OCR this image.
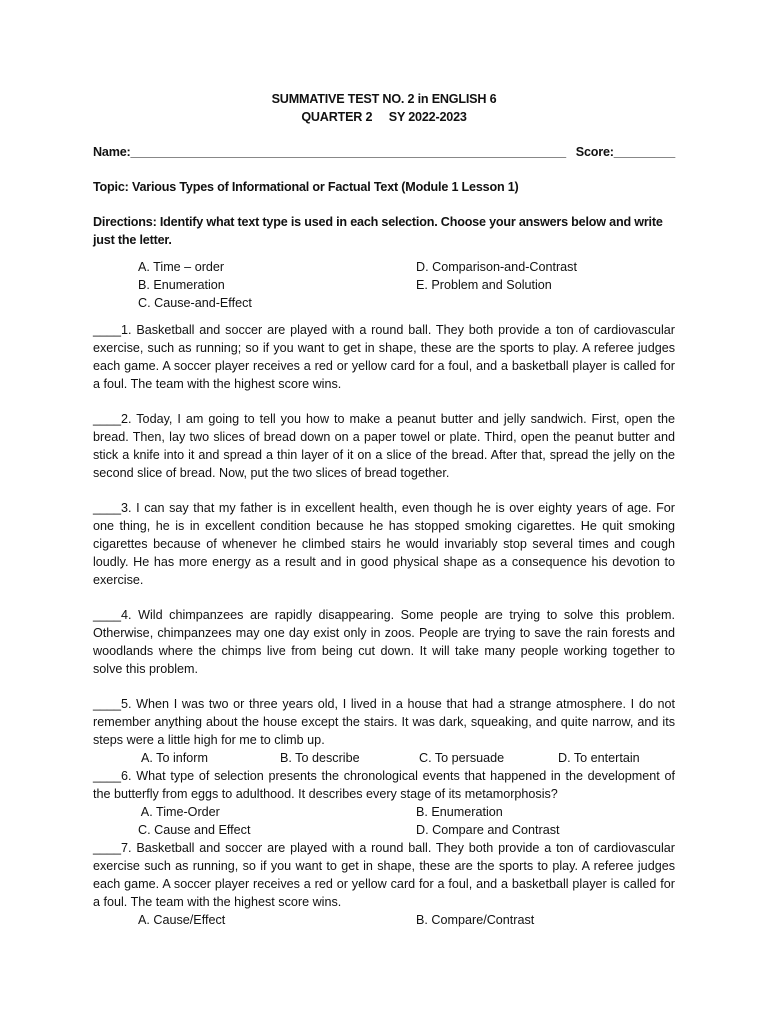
SUMMATIVE TEST NO. 2 in ENGLISH 6
QUARTER 2     SY 2022-2023
Name:________________________________________________________________ Score:_________
Topic: Various Types of Informational or Factual Text (Module 1 Lesson 1)
Directions: Identify what text type is used in each selection. Choose your answers below and write just the letter.
A. Time – order	D. Comparison-and-Contrast
B. Enumeration	E. Problem and Solution
C. Cause-and-Effect
____1. Basketball and soccer are played with a round ball. They both provide a ton of cardiovascular exercise, such as running; so if you want to get in shape, these are the sports to play. A referee judges each game. A soccer player receives a red or yellow card for a foul, and a basketball player is called for a foul. The team with the highest score wins.
____2. Today, I am going to tell you how to make a peanut butter and jelly sandwich. First, open the bread. Then, lay two slices of bread down on a paper towel or plate. Third, open the peanut butter and stick a knife into it and spread a thin layer of it on a slice of the bread. After that, spread the jelly on the second slice of bread. Now, put the two slices of bread together.
____3. I can say that my father is in excellent health, even though he is over eighty years of age. For one thing, he is in excellent condition because he has stopped smoking cigarettes. He quit smoking cigarettes because of whenever he climbed stairs he would invariably stop several times and cough loudly. He has more energy as a result and in good physical shape as a consequence his devotion to exercise.
____4. Wild chimpanzees are rapidly disappearing. Some people are trying to solve this problem. Otherwise, chimpanzees may one day exist only in zoos. People are trying to save the rain forests and woodlands where the chimps live from being cut down. It will take many people working together to solve this problem.
____5. When I was two or three years old, I lived in a house that had a strange atmosphere. I do not remember anything about the house except the stairs. It was dark, squeaking, and quite narrow, and its steps were a little high for me to climb up.
A. To inform	B. To describe	C. To persuade	D. To entertain
____6. What type of selection presents the chronological events that happened in the development of the butterfly from eggs to adulthood. It describes every stage of its metamorphosis?
A. Time-Order	B. Enumeration
C. Cause and Effect	D. Compare and Contrast
____7. Basketball and soccer are played with a round ball. They both provide a ton of cardiovascular exercise such as running, so if you want to get in shape, these are the sports to play. A referee judges each game. A soccer player receives a red or yellow card for a foul, and a basketball player is called for a foul. The team with the highest score wins.
A. Cause/Effect	B. Compare/Contrast
